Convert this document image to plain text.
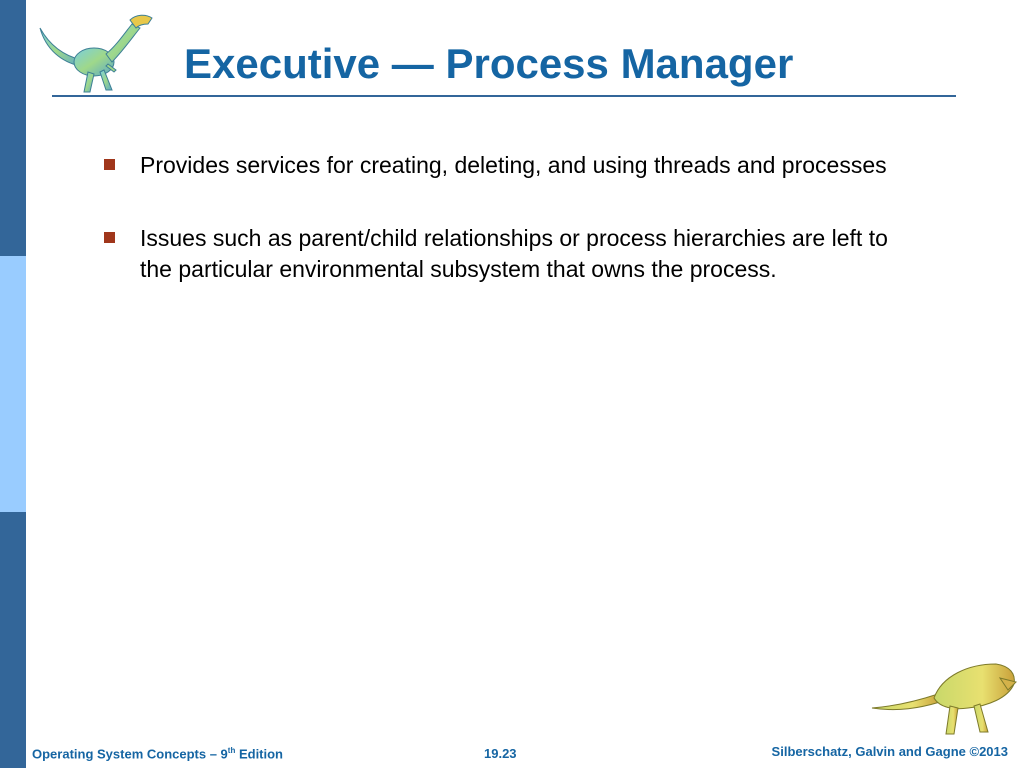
Executive — Process Manager
Provides services for creating, deleting, and using threads and processes
Issues such as parent/child relationships or process hierarchies are left to the particular environmental subsystem that owns the process.
Operating System Concepts – 9th Edition	19.23	Silberschatz, Galvin and Gagne ©2013
